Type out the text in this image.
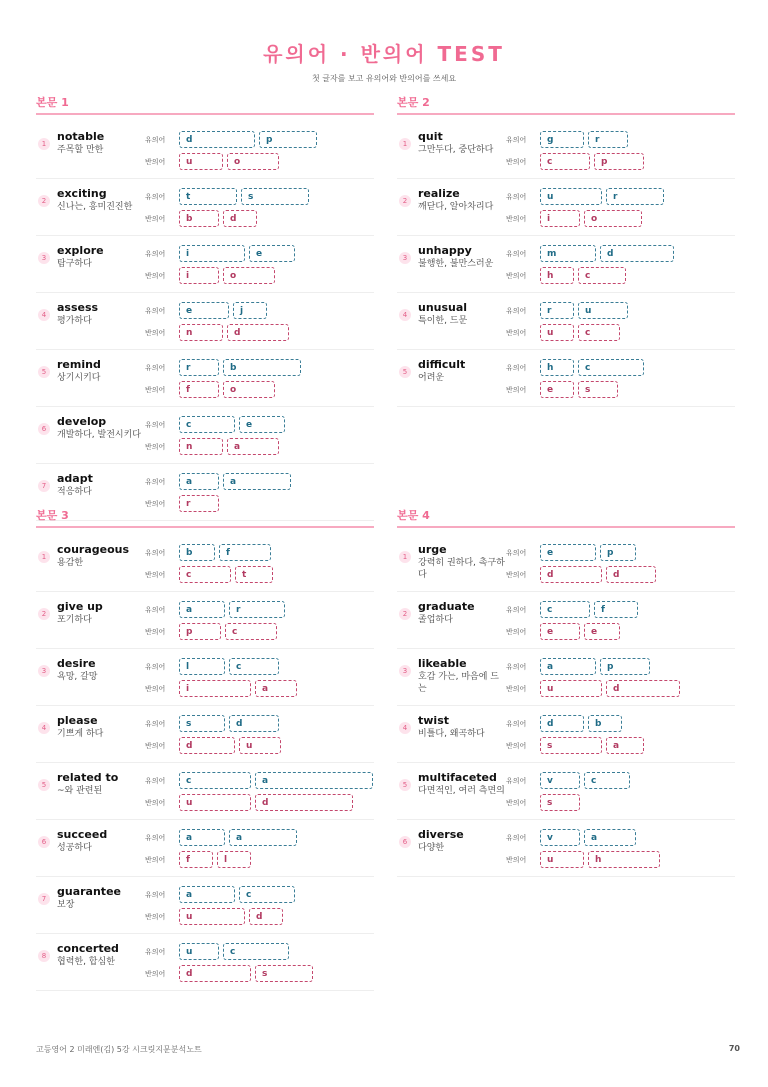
유의어 · 반의어 TEST
첫 글자를 보고 유의어와 반의어를 쓰세요
본문 1
1
notable
주목할 만한
유의어	d	p
반의어	u	o
2
exciting
신나는, 흥미진진한
유의어	t	s
반의어	b	d
3
explore
탐구하다
유의어	i	e
반의어	i	o
4
assess
평가하다
유의어	e	j
반의어	n	d
5
remind
상기시키다
유의어	r	b
반의어	f	o
6
develop
개발하다, 발전시키다
유의어	c	e
반의어	n	a
7
adapt
적응하다
유의어	a	a
반의어	r
본문 2
1
quit
그만두다, 중단하다
유의어	g	r
반의어	c	p
2
realize
깨닫다, 알아차리다
유의어	u	r
반의어	i	o
3
unhappy
불행한, 불만스러운
유의어	m	d
반의어	h	c
4
unusual
특이한, 드문
유의어	r	u
반의어	u	c
5
difficult
어려운
유의어	h	c
반의어	e	s
본문 3
1
courageous
용감한
유의어	b	f
반의어	c	t
2
give up
포기하다
유의어	a	r
반의어	p	c
3
desire
욕망, 갈망
유의어	l	c
반의어	i	a
4
please
기쁘게 하다
유의어	s	d
반의어	d	u
5
related to
~와 관련된
유의어	c	a
반의어	u	d
6
succeed
성공하다
유의어	a	a
반의어	f	l
7
guarantee
보장
유의어	a	c
반의어	u	d
8
concerted
협력한, 합심한
유의어	u	c
반의어	d	s
본문 4
1
urge
강력히 권하다, 촉구하다
유의어	e	p
반의어	d	d
2
graduate
졸업하다
유의어	c	f
반의어	e	e
3
likeable
호감 가는, 마음에 드는
유의어	a	p
반의어	u	d
4
twist
비틀다, 왜곡하다
유의어	d	b
반의어	s	a
5
multifaceted
다면적인, 여러 측면의
유의어	v	c
반의어	s
6
diverse
다양한
유의어	v	a
반의어	u	h
고등영어 2 미래엔(김) 5강 시크릿지문분석노트	70
